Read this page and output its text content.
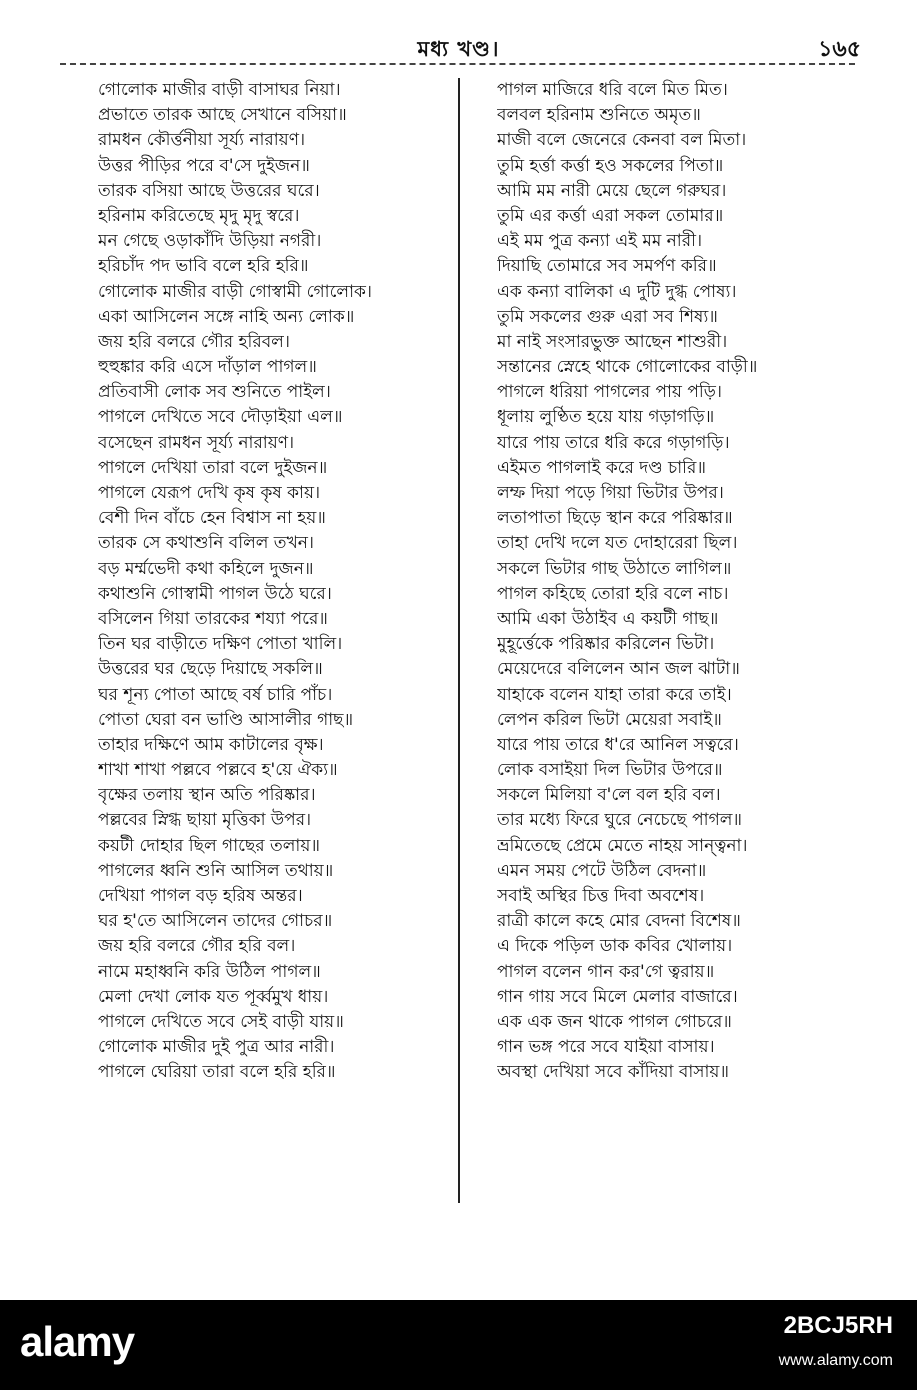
মধ্য খণ্ড।	১৬৫
গোলোক মাজীর বাড়ী বাসাঘর নিয়া।
প্রভাতে তারক আছে সেখানে বসিয়া॥
রামধন কৌর্ত্তনীয়া সূর্য্য নারায়ণ।
উত্তর পীড়ির পরে ব'সে দুইজন॥
তারক বসিয়া আছে উত্তরের ঘরে।
হরিনাম করিতেছে মৃদু মৃদু স্বরে।
মন গেছে ওড়াকাঁদি উড়িয়া নগরী।
হরিচাঁদ পদ ভাবি বলে হরি হরি॥
গোলোক মাজীর বাড়ী গোস্বামী গোলোক।
একা আসিলেন সঙ্গে নাহি অন্য লোক॥
জয় হরি বলরে গৌর হরিবল।
হুহুঙ্কার করি এসে দাঁড়াল পাগল॥
প্রতিবাসী লোক সব শুনিতে পাইল।
পাগলে দেখিতে সবে দৌড়াইয়া এল॥
বসেছেন রামধন সূর্য্য নারায়ণ।
পাগলে দেখিয়া তারা বলে দুইজন॥
পাগলে যেরূপ দেখি কৃষ কৃষ কায়।
বেশী দিন বাঁচে হেন বিশ্বাস না হয়॥
তারক সে কথাশুনি বলিল তখন।
বড় মর্ম্মভেদী কথা কহিলে দুজন॥
কথাশুনি গোস্বামী পাগল উঠে ঘরে।
বসিলেন গিয়া তারকের শয্যা পরে॥
তিন ঘর বাড়ীতে দক্ষিণ পোতা খালি।
উত্তরের ঘর ছেড়ে দিয়াছে সকলি॥
ঘর শূন্য পোতা আছে বর্ষ চারি পাঁচ।
পোতা ঘেরা বন ভাণ্ডি আসালীর গাছ॥
তাহার দক্ষিণে আম কাটালের বৃক্ষ।
শাখা শাখা পল্লবে পল্লবে হ'য়ে ঐক্য॥
বৃক্ষের তলায় স্থান অতি পরিষ্কার।
পল্লবের স্নিগ্ধ ছায়া মৃত্তিকা উপর।
কয়টী দোহার ছিল গাছের তলায়॥
পাগলের ধ্বনি শুনি আসিল তথায়॥
দেখিয়া পাগল বড় হরিষ অন্তর।
ঘর হ'তে আসিলেন তাদের গোচর॥
জয় হরি বলরে গৌর হরি বল।
নামে মহাধ্বনি করি উঠিল পাগল॥
মেলা দেখা লোক যত পূর্ব্বমুখ ধায়।
পাগলে দেখিতে সবে সেই বাড়ী যায়॥
গোলোক মাজীর দুই পুত্র আর নারী।
পাগলে ঘেরিয়া তারা বলে হরি হরি॥
পাগল মাজিরে ধরি বলে মিত মিত।
বলবল হরিনাম শুনিতে অমৃত॥
মাজী বলে জেনেরে কেনবা বল মিতা।
তুমি হর্ত্তা কর্ত্তা হও সকলের পিতা॥
আমি মম নারী মেয়ে ছেলে গরুঘর।
তুমি এর কর্ত্তা এরা সকল তোমার॥
এই মম পুত্র কন্যা এই মম নারী।
দিয়াছি তোমারে সব সমর্পণ করি॥
এক কন্যা বালিকা এ দুটি দুগ্ধ পোষ্য।
তুমি সকলের গুরু এরা সব শিষ্য॥
মা নাই সংসারভুক্ত আছেন শাশুরী।
সন্তানের স্নেহে থাকে গোলোকের বাড়ী॥
পাগলে ধরিয়া পাগলের পায় পড়ি।
ধূলায় লুণ্ঠিত হয়ে যায় গড়াগড়ি॥
যারে পায় তারে ধরি করে গড়াগড়ি।
এইমত পাগলাই করে দণ্ড চারি॥
লম্ফ দিয়া পড়ে গিয়া ভিটার উপর।
লতাপাতা ছিড়ে স্থান করে পরিষ্কার॥
তাহা দেখি দলে যত দোহারেরা ছিল।
সকলে ভিটার গাছ উঠাতে লাগিল॥
পাগল কহিছে তোরা হরি বলে নাচ।
আমি একা উঠাইব এ কয়টী গাছ॥
মুহূর্ত্তেকে পরিষ্কার করিলেন ভিটা।
মেয়েদেরে বলিলেন আন জল ঝাটা॥
যাহাকে বলেন যাহা তারা করে তাই।
লেপন করিল ভিটা মেয়েরা সবাই॥
যারে পায় তারে ধ'রে আনিল সত্বরে।
লোক বসাইয়া দিল ভিটার উপরে॥
সকলে মিলিয়া ব'লে বল হরি বল।
তার মধ্যে ফিরে ঘুরে নেচেছে পাগল॥
ভ্রমিতেছে প্রেমে মেতে নাহয় সান্ত্বনা।
এমন সময় পেটে উঠিল বেদনা॥
সবাই অস্থির চিত্ত দিবা অবশেষ।
রাত্রী কালে কহে মোর বেদনা বিশেষ॥
এ দিকে পড়িল ডাক কবির খোলায়।
পাগল বলেন গান কর'গে ত্বরায়॥
গান গায় সবে মিলে মেলার বাজারে।
এক এক জন থাকে পাগল গোচরে॥
গান ভঙ্গ পরে সবে যাইয়া বাসায়।
অবস্থা দেখিয়া সবে কাঁদিয়া বাসায়॥
alamy	2BCJ5RH
www.alamy.com
